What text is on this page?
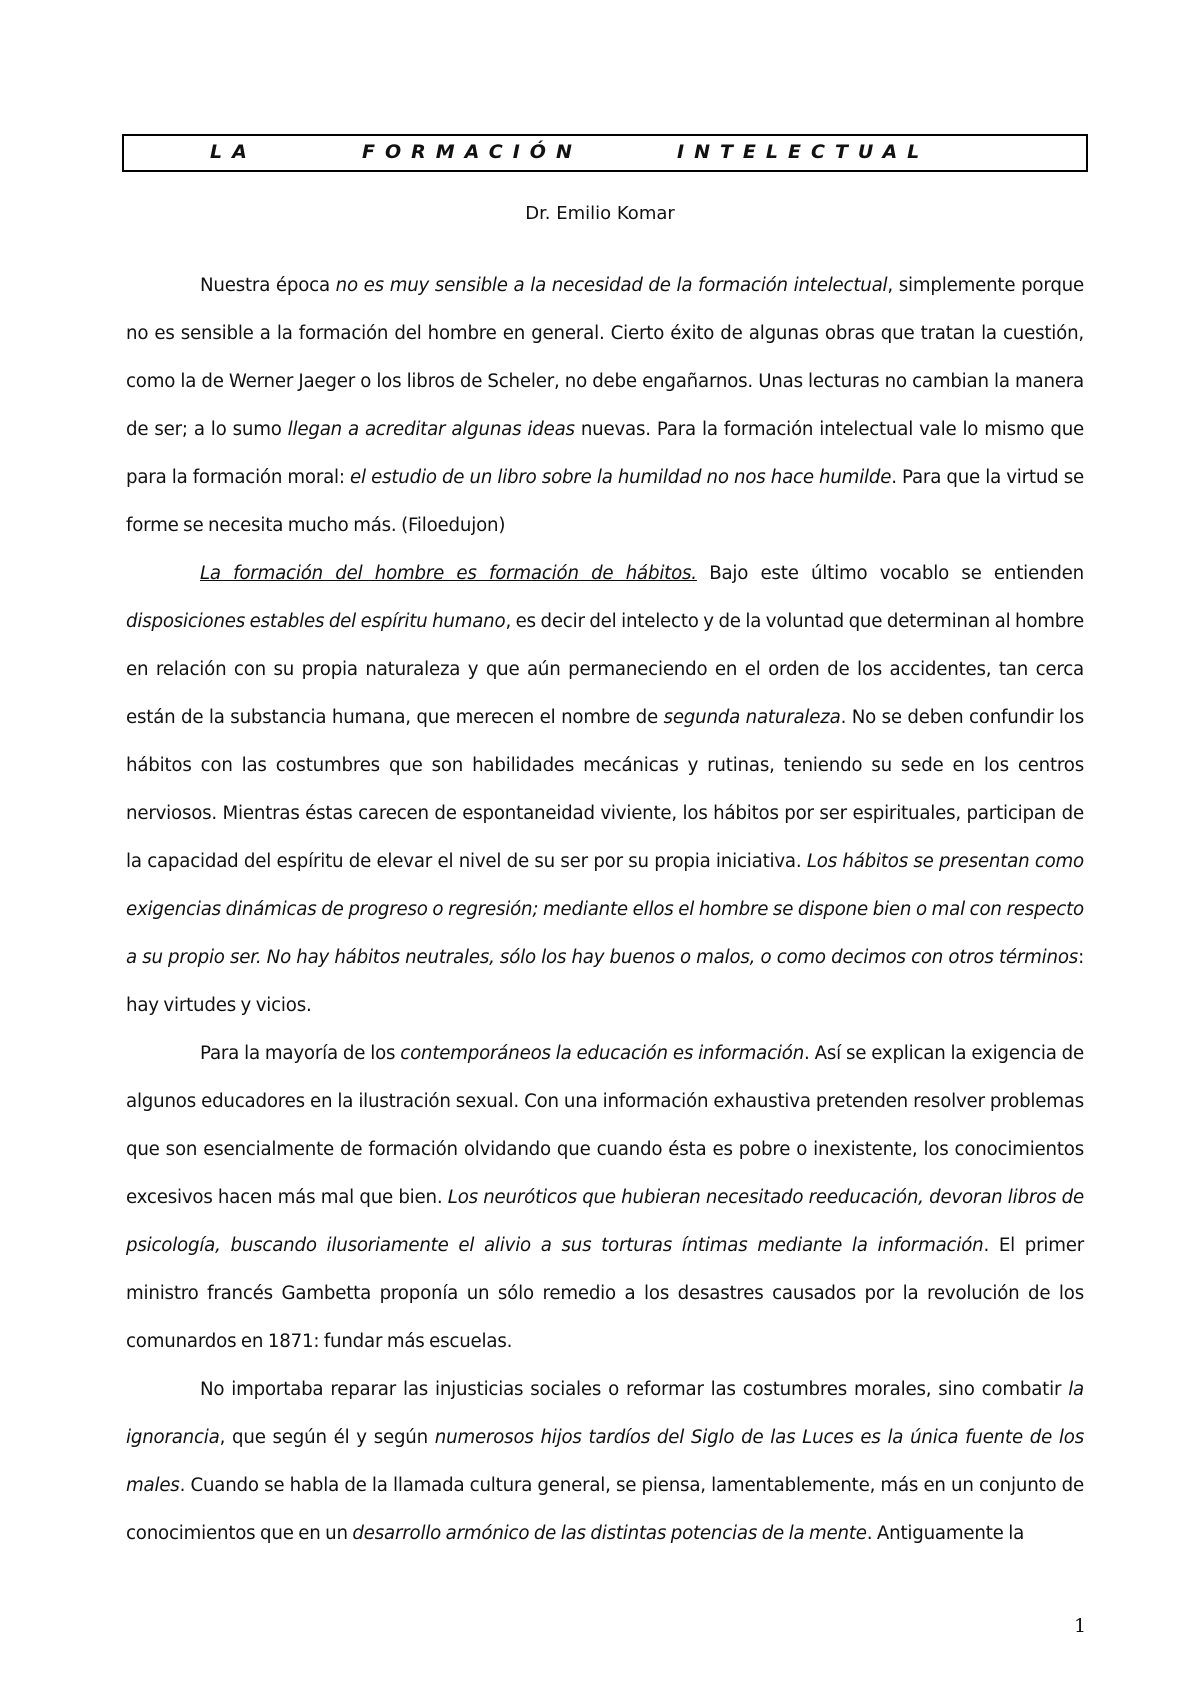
LA	FORMACIÓN	INTELECTUAL
Dr. Emilio Komar

Nuestra época no es muy sensible a la necesidad de la formación intelectual, simplemente porque no es sensible a la formación del hombre en general. Cierto éxito de algunas obras que tratan la cuestión, como la de Werner Jaeger o los libros de Scheler, no debe engañarnos. Unas lecturas no cambian la manera de ser; a lo sumo llegan a acreditar algunas ideas nuevas. Para la formación intelectual vale lo mismo que para la formación moral: el estudio de un libro sobre la humildad no nos hace humilde. Para que la virtud se forme se necesita mucho más. (Filoedujon)

La formación del hombre es formación de hábitos. Bajo este último vocablo se entienden disposiciones estables del espíritu humano, es decir del intelecto y de la voluntad que determinan al hombre en relación con su propia naturaleza y que aún permaneciendo en el orden de los accidentes, tan cerca están de la substancia humana, que merecen el nombre de segunda naturaleza. No se deben confundir los hábitos con las costumbres que son habilidades mecánicas y rutinas, teniendo su sede en los centros nerviosos. Mientras éstas carecen de espontaneidad viviente, los hábitos por ser espirituales, participan de la capacidad del espíritu de elevar el nivel de su ser por su propia iniciativa. Los hábitos se presentan como exigencias dinámicas de progreso o regresión; mediante ellos el hombre se dispone bien o mal con respecto a su propio ser. No hay hábitos neutrales, sólo los hay buenos o malos, o como decimos con otros términos: hay virtudes y vicios.

Para la mayoría de los contemporáneos la educación es información. Así se explican la exigencia de algunos educadores en la ilustración sexual. Con una información exhaustiva pretenden resolver problemas que son esencialmente de formación olvidando que cuando ésta es pobre o inexistente, los conocimientos excesivos hacen más mal que bien. Los neuróticos que hubieran necesitado reeducación, devoran libros de psicología, buscando ilusoriamente el alivio a sus torturas íntimas mediante la información. El primer ministro francés Gambetta proponía un sólo remedio a los desastres causados por la revolución de los comunardos en 1871: fundar más escuelas.

No importaba reparar las injusticias sociales o reformar las costumbres morales, sino combatir la ignorancia, que según él y según numerosos hijos tardíos del Siglo de las Luces es la única fuente de los males. Cuando se habla de la llamada cultura general, se piensa, lamentablemente, más en un conjunto de conocimientos que en un desarrollo armónico de las distintas potencias de la mente. Antiguamente la

1
